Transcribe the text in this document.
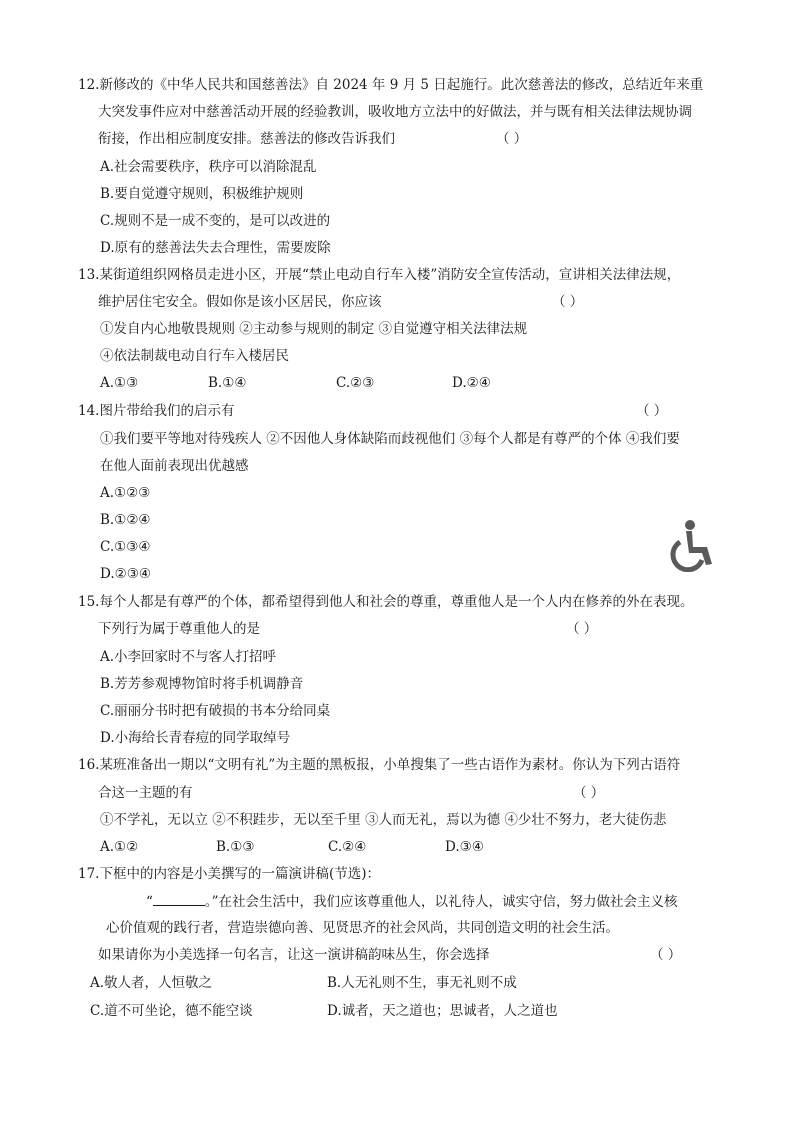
12.新修改的《中华人民共和国慈善法》自 2024 年 9 月 5 日起施行。此次慈善法的修改，总结近年来重
大突发事件应对中慈善活动开展的经验教训，吸收地方立法中的好做法，并与既有相关法律法规协调
衔接，作出相应制度安排。慈善法的修改告诉我们	（ ）
A.社会需要秩序，秩序可以消除混乱
B.要自觉遵守规则，积极维护规则
C.规则不是一成不变的，是可以改进的
D.原有的慈善法失去合理性，需要废除
13.某街道组织网格员走进小区，开展“禁止电动自行车入楼”消防安全宣传活动，宣讲相关法律法规，
维护居住宅安全。假如你是该小区居民，你应该	（ ）
①发自内心地敬畏规则 ②主动参与规则的制定 ③自觉遵守相关法律法规
④依法制裁电动自行车入楼居民
A.①③	B.①④	C.②③	D.②④
14.图片带给我们的启示有	（ ）
①我们要平等地对待残疾人 ②不因他人身体缺陷而歧视他们 ③每个人都是有尊严的个体 ④我们要
在他人面前表现出优越感
A.①②③
B.①②④
C.①③④
D.②③④
15.每个人都是有尊严的个体，都希望得到他人和社会的尊重，尊重他人是一个人内在修养的外在表现。
下列行为属于尊重他人的是	（ ）
A.小李回家时不与客人打招呼
B.芳芳参观博物馆时将手机调静音
C.丽丽分书时把有破损的书本分给同桌
D.小海给长青春痘的同学取绰号
16.某班准备出一期以“文明有礼”为主题的黑板报，小单搜集了一些古语作为素材。你认为下列古语符
合这一主题的有	（ ）
①不学礼，无以立 ②不积跬步，无以至千里 ③人而无礼，焉以为德 ④少壮不努力，老大徒伤悲
A.①②	B.①③	C.②④	D.③④
17.下框中的内容是小美撰写的一篇演讲稿(节选)：
“	。”在社会生活中，我们应该尊重他人，以礼待人，诚实守信，努力做社会主义核
心价值观的践行者，营造崇德向善、见贤思齐的社会风尚，共同创造文明的社会生活。
如果请你为小美选择一句名言，让这一演讲稿韵味丛生，你会选择	（ ）
A.敬人者，人恒敬之	B.人无礼则不生，事无礼则不成
C.道不可坐论，德不能空谈	D.诚者，天之道也；思诚者，人之道也
